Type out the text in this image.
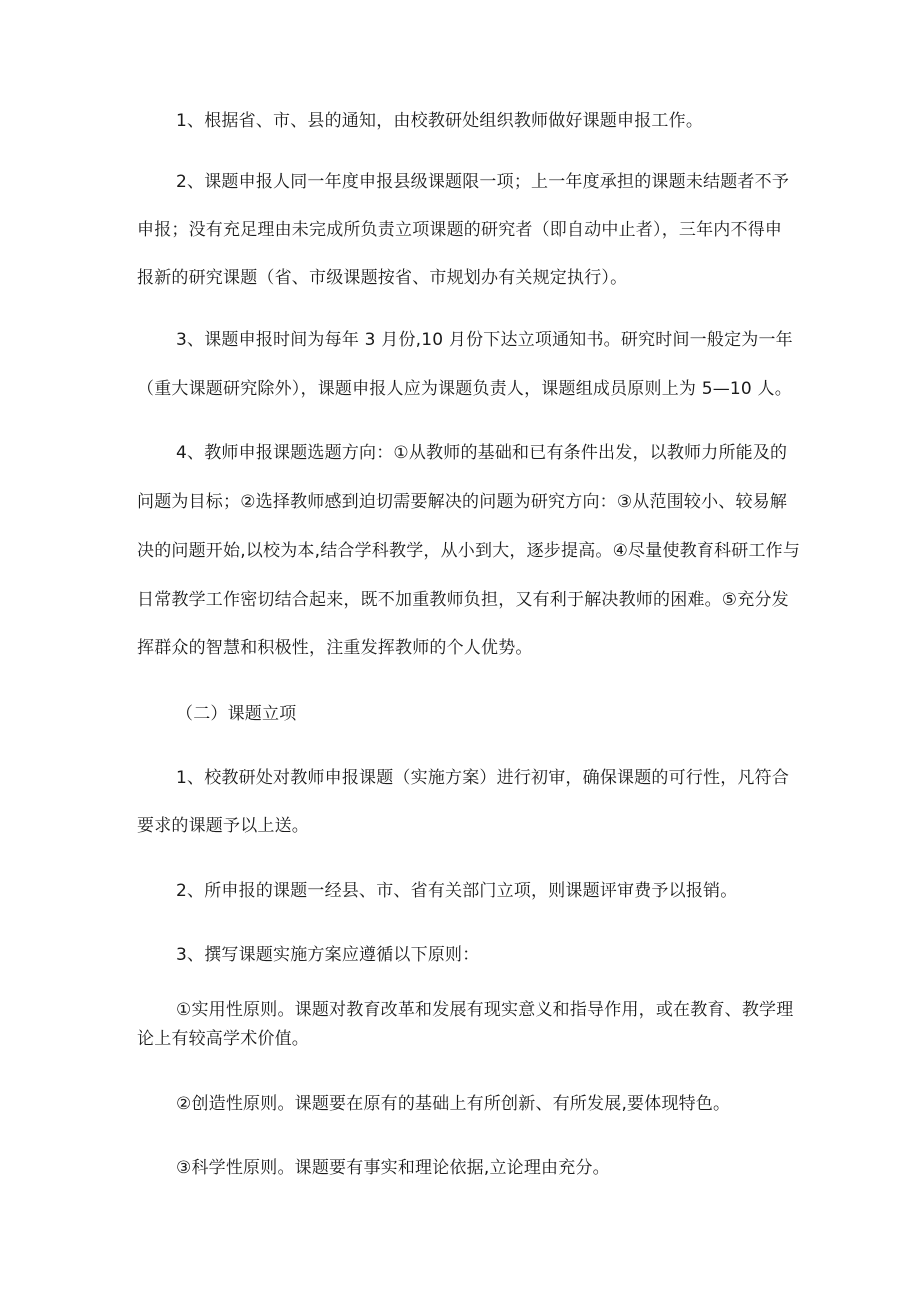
1、根据省、市、县的通知，由校教研处组织教师做好课题申报工作。
2、课题申报人同一年度申报县级课题限一项；上一年度承担的课题未结题者不予
申报；没有充足理由未完成所负责立项课题的研究者（即自动中止者），三年内不得申
报新的研究课题（省、市级课题按省、市规划办有关规定执行）。
3、课题申报时间为每年 3 月份,10 月份下达立项通知书。研究时间一般定为一年
（重大课题研究除外），课题申报人应为课题负责人，课题组成员原则上为 5—10 人。
4、教师申报课题选题方向：①从教师的基础和已有条件出发，以教师力所能及的
问题为目标；②选择教师感到迫切需要解决的问题为研究方向：③从范围较小、较易解
决的问题开始,以校为本,结合学科教学，从小到大，逐步提高。④尽量使教育科研工作与
日常教学工作密切结合起来，既不加重教师负担，又有利于解决教师的困难。⑤充分发
挥群众的智慧和积极性，注重发挥教师的个人优势。
（二）课题立项
1、校教研处对教师申报课题（实施方案）进行初审，确保课题的可行性，凡符合
要求的课题予以上送。
2、所申报的课题一经县、市、省有关部门立项，则课题评审费予以报销。
3、撰写课题实施方案应遵循以下原则：
①实用性原则。课题对教育改革和发展有现实意义和指导作用，或在教育、教学理
论上有较高学术价值。
②创造性原则。课题要在原有的基础上有所创新、有所发展,要体现特色。
③科学性原则。课题要有事实和理论依据,立论理由充分。
